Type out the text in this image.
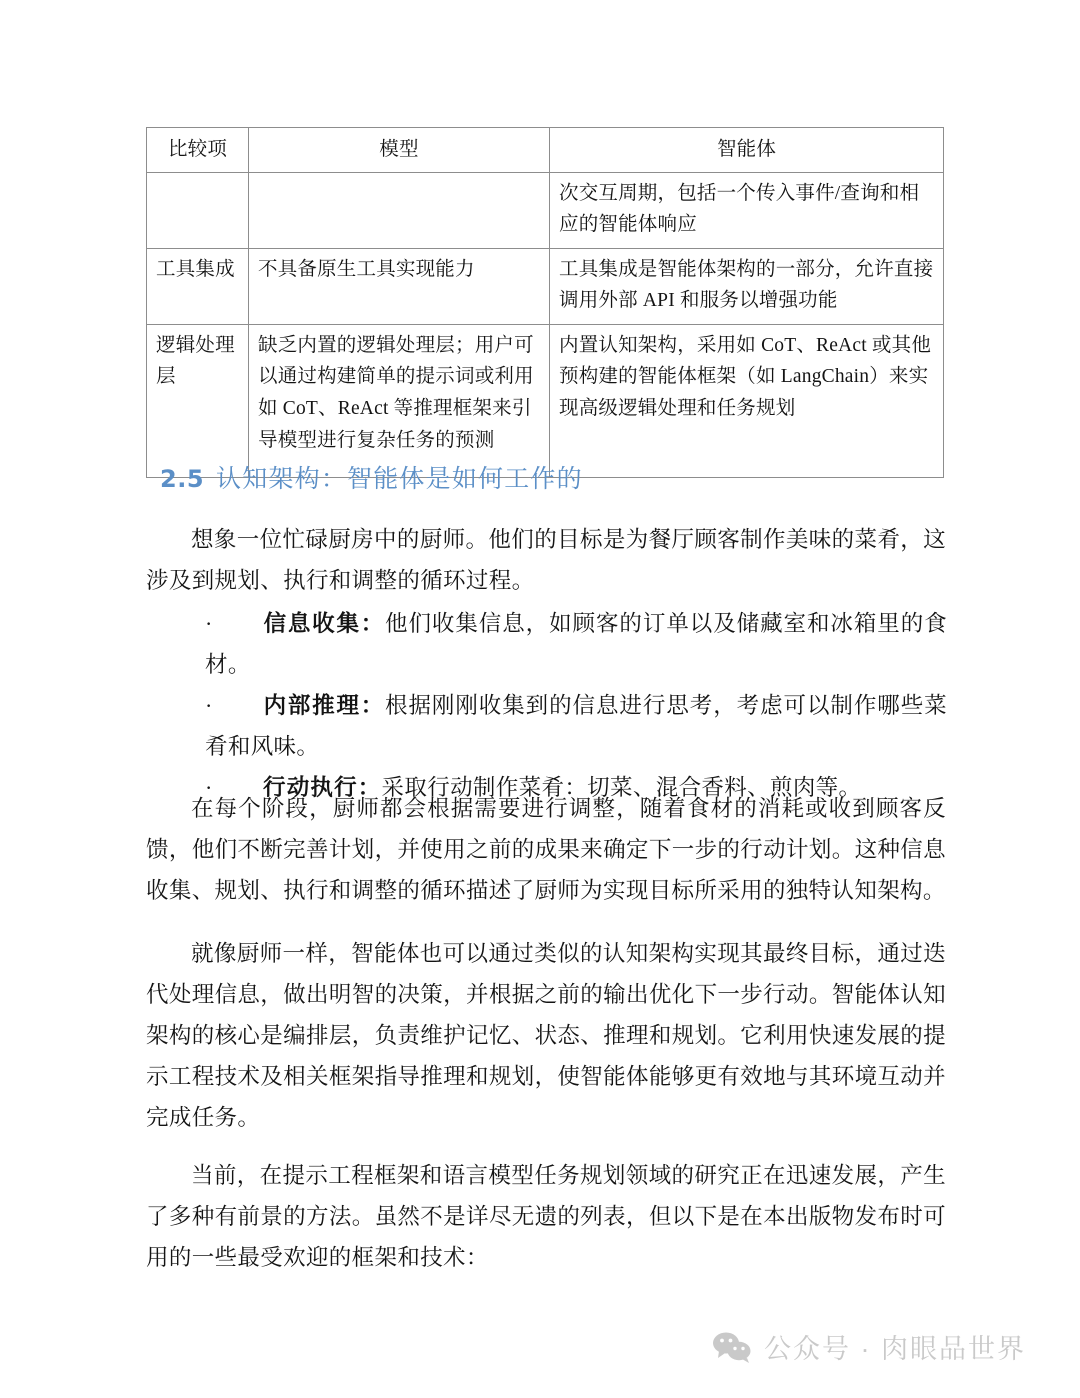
比较项	模型	智能体
		次交互周期，包括一个传入事件/查询和相应的智能体响应
工具集成	不具备原生工具实现能力	工具集成是智能体架构的一部分，允许直接调用外部 API 和服务以增强功能
逻辑处理层	缺乏内置的逻辑处理层；用户可以通过构建简单的提示词或利用如 CoT、ReAct 等推理框架来引导模型进行复杂任务的预测	内置认知架构，采用如 CoT、ReAct 或其他预构建的智能体框架（如 LangChain）来实现高级逻辑处理和任务规划
2.5 认知架构：智能体是如何工作的
想象一位忙碌厨房中的厨师。他们的目标是为餐厅顾客制作美味的菜肴，这涉及到规划、执行和调整的循环过程。

· 信息收集：他们收集信息，如顾客的订单以及储藏室和冰箱里的食材。

· 内部推理：根据刚刚收集到的信息进行思考，考虑可以制作哪些菜肴和风味。

· 行动执行：采取行动制作菜肴：切菜、混合香料、煎肉等。

在每个阶段，厨师都会根据需要进行调整，随着食材的消耗或收到顾客反馈，他们不断完善计划，并使用之前的成果来确定下一步的行动计划。这种信息收集、规划、执行和调整的循环描述了厨师为实现目标所采用的独特认知架构。
就像厨师一样，智能体也可以通过类似的认知架构实现其最终目标，通过迭代处理信息，做出明智的决策，并根据之前的输出优化下一步行动。智能体认知架构的核心是编排层，负责维护记忆、状态、推理和规划。它利用快速发展的提示工程技术及相关框架指导推理和规划，使智能体能够更有效地与其环境互动并完成任务。
当前，在提示工程框架和语言模型任务规划领域的研究正在迅速发展，产生了多种有前景的方法。虽然不是详尽无遗的列表，但以下是在本出版物发布时可用的一些最受欢迎的框架和技术：
公众号 · 肉眼品世界
